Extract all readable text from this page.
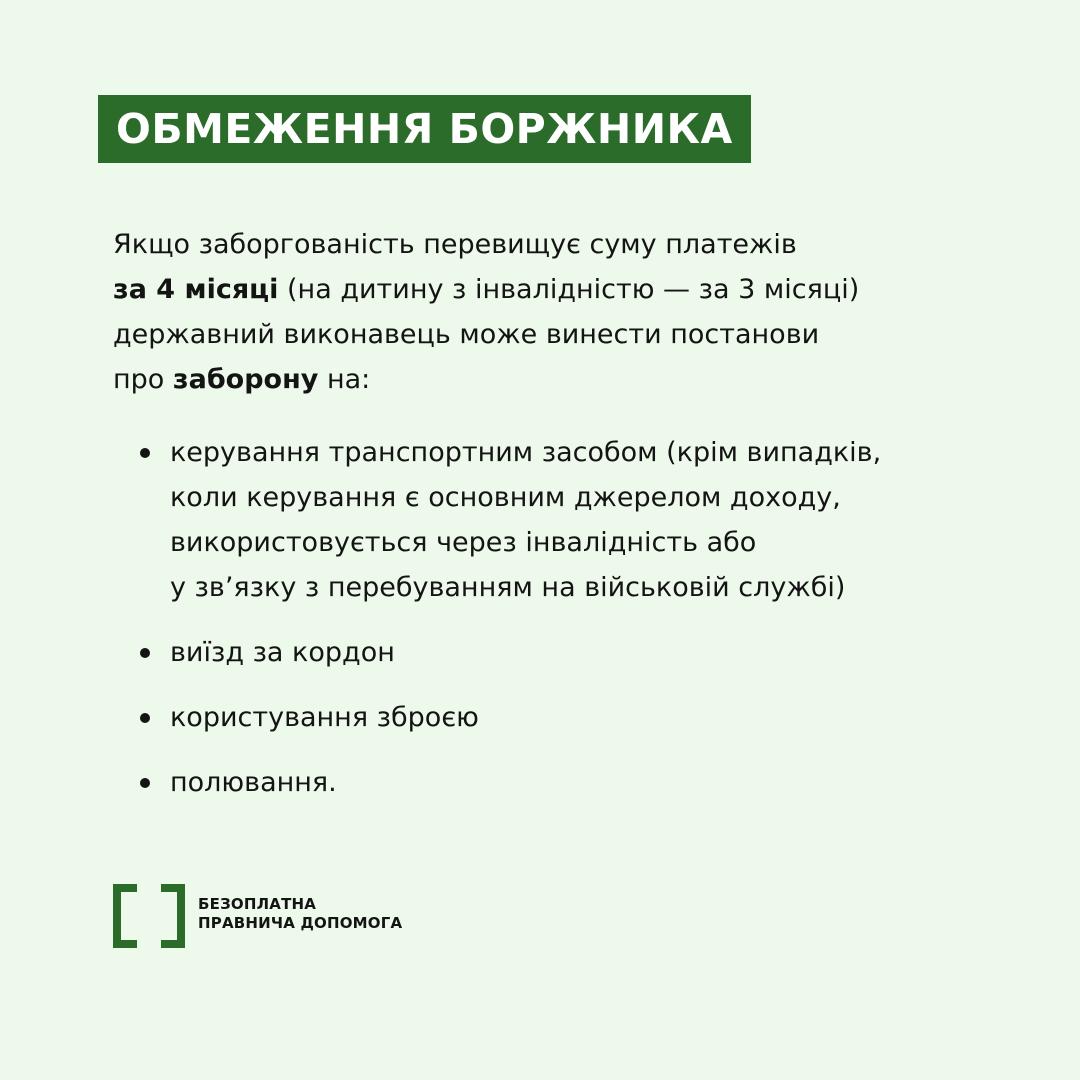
ОБМЕЖЕННЯ БОРЖНИКА

Якщо заборгованість перевищує суму платежів
за 4 місяці (на дитину з інвалідністю — за 3 місяці)
державний виконавець може винести постанови
про заборону на:

керування транспортним засобом (крім випадків,
коли керування є основним джерелом доходу,
використовується через інвалідність або
у зв’язку з перебуванням на військовій службі)
виїзд за кордон
користування зброєю
полювання.
БЕЗОПЛАТНА
ПРАВНИЧА ДОПОМОГА
